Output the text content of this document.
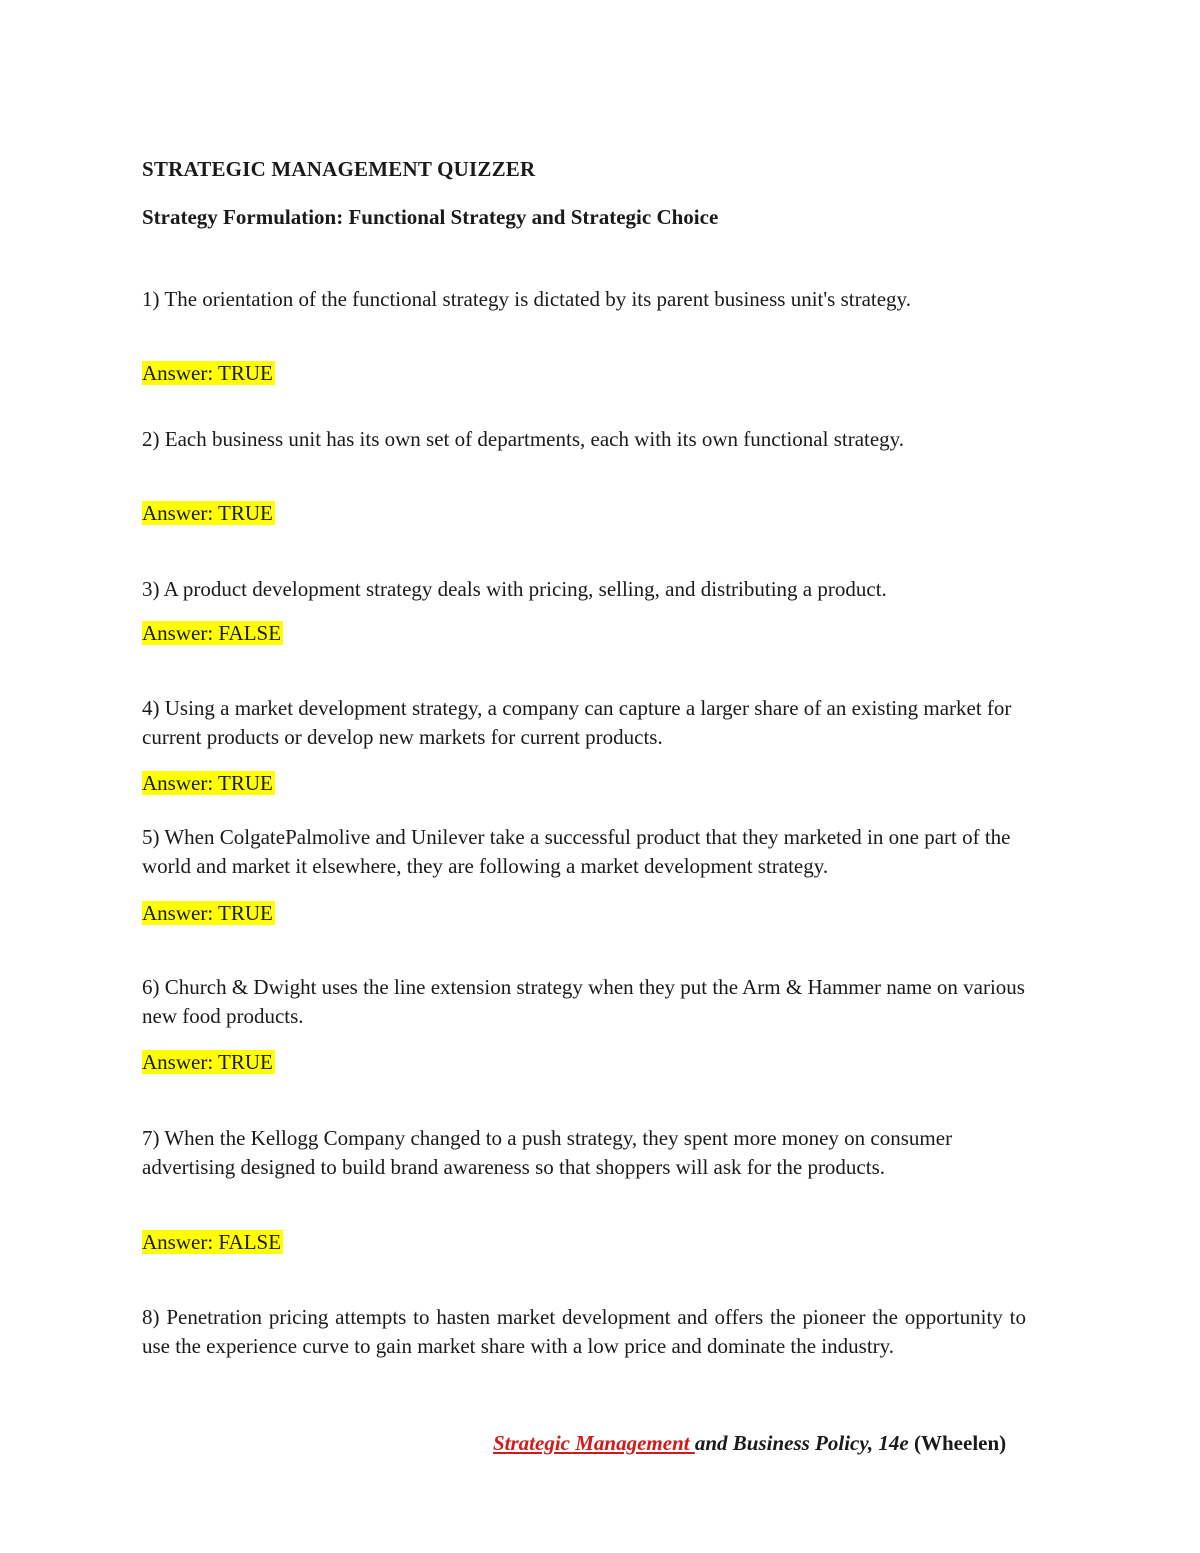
STRATEGIC MANAGEMENT QUIZZER
Strategy Formulation: Functional Strategy and Strategic Choice
1) The orientation of the functional strategy is dictated by its parent business unit's strategy.
Answer: TRUE
2) Each business unit has its own set of departments, each with its own functional strategy.
Answer: TRUE
3) A product development strategy deals with pricing, selling, and distributing a product.
Answer: FALSE
4) Using a market development strategy, a company can capture a larger share of an existing market for current products or develop new markets for current products.
Answer: TRUE
5) When ColgatePalmolive and Unilever take a successful product that they marketed in one part of the world and market it elsewhere, they are following a market development strategy.
Answer: TRUE
6) Church & Dwight uses the line extension strategy when they put the Arm & Hammer name on various new food products.
Answer: TRUE
7) When the Kellogg Company changed to a push strategy, they spent more money on consumer advertising designed to build brand awareness so that shoppers will ask for the products.
Answer: FALSE
8) Penetration pricing attempts to hasten market development and offers the pioneer the opportunity to use the experience curve to gain market share with a low price and dominate the industry.
Strategic Management and Business Policy, 14e (Wheelen)
